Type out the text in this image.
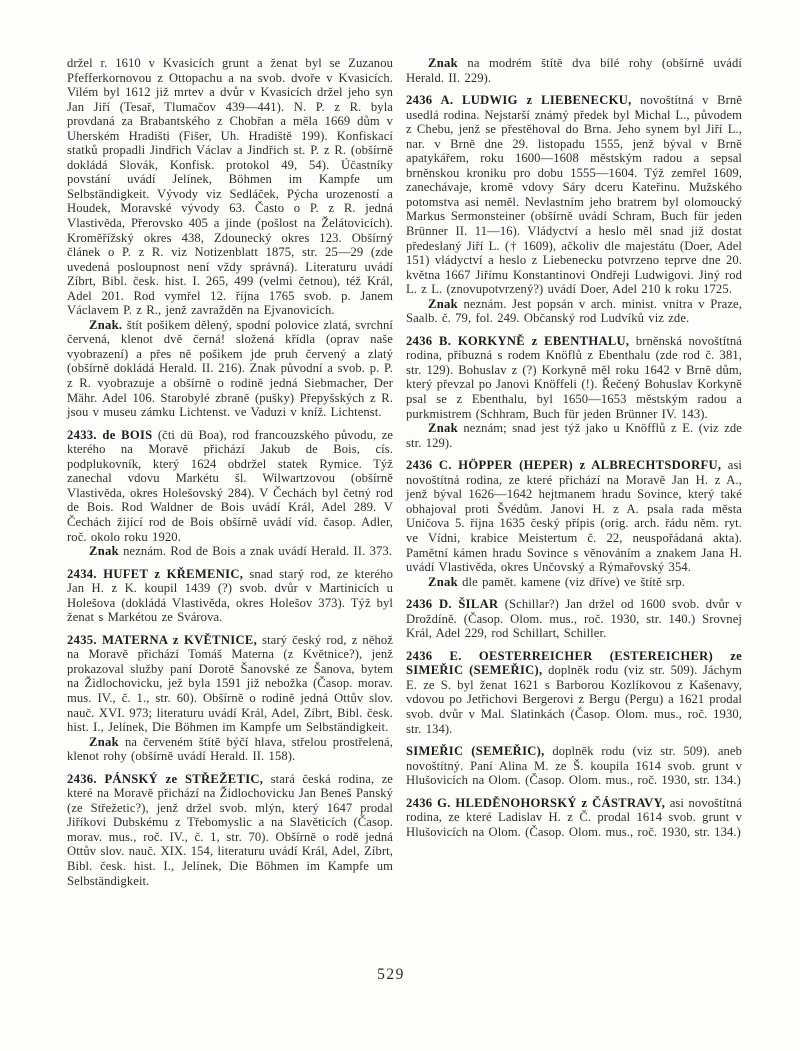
držel r. 1610 v Kvasicích grunt a ženat byl se Zuzanou Pfefferkornovou z Ottopachu a na svob. dvoře v Kvasicích. Vilém byl 1612 již mrtev a dvůr v Kvasicích držel jeho syn Jan Jiří (Tesař, Tlumačov 439—441). N. P. z R. byla provdaná za Brabantského z Chobřan a měla 1669 dům v Uherském Hradišti (Fišer, Uh. Hradiště 199). Konfiskací statků propadli Jindřich Václav a Jindřich st. P. z R. (obšírně dokládá Slovák, Konfisk. protokol 49, 54). Účastníky povstání uvádí Jelínek, Böhmen im Kampfe um Selbständigkeit. Vývody viz Sedláček, Pýcha urozeností a Houdek, Moravské vývody 63. Často o P. z R. jedná Vlastivěda, Přerovsko 405 a jinde (pošlost na Želátovicích). Kroměřížský okres 438, Zdounecký okres 123. Obšírný článek o P. z R. viz Notizenblatt 1875, str. 25—29 (zde uvedená posloupnost není vždy správná). Literaturu uvádí Zíbrt, Bibl. česk. hist. I. 265, 499 (velmi četnou), též Král, Adel 201. Rod vymřel 12. října 1765 svob. p. Janem Václavem P. z R., jenž zavražděn na Ejvanovicích.

Znak. štít pošikem dělený, spodní polovice zlatá, svrchní červená, klenot dvě černá! složená křídla (oprav naše vyobrazení) a přes ně pošikem jde pruh červený a zlatý (obšírně dokládá Herald. II. 216). Znak původní a svob. p. P. z R. vyobrazuje a obšírně o rodině jedná Siebmacher, Der Mähr. Adel 106. Starobylé zbraně (pušky) Přepyšských z R. jsou v museu zámku Lichtenst. ve Vaduzi v kníž. Lichtenst.

2433. de BOIS (čti dü Boa), rod francouzského původu, ze kterého na Moravě přichází Jakub de Bois, cís. podplukovník, který 1624 obdržel statek Rymice. Týž zanechal vdovu Markétu šl. Wilwartzovou (obšírně Vlastivěda, okres Holešovský 284). V Čechách byl četný rod de Bois. Rod Waldner de Bois uvádí Král, Adel 289. V Čechách žijící rod de Bois obšírně uvádí víd. časop. Adler, roč. okolo roku 1920.

Znak neznám. Rod de Bois a znak uvádí Herald. II. 373.

2434. HUFET z KŘEMENIC, snad starý rod, ze kterého Jan H. z K. koupil 1439 (?) svob. dvůr v Martinicích u Holešova (dokládá Vlastivěda, okres Holešov 373). Týž byl ženat s Markétou ze Svárova.

2435. MATERNA z KVĚTNICE, starý český rod, z něhož na Moravě přichází Tomáš Materna (z Květnice?), jenž prokazoval služby paní Dorotě Šanovské ze Šanova, bytem na Židlochovicku, jež byla 1591 již nebožka (Časop. morav. mus. IV., č. 1., str. 60). Obšírně o rodině jedná Ottův slov. nauč. XVI. 973; literaturu uvádí Král, Adel, Zíbrt, Bibl. česk. hist. I., Jelínek, Die Böhmen im Kampfe um Selbständigkeit.

Znak na červeném štítě býčí hlava, střelou prostřelená, klenot rohy (obšírně uvádí Herald. II. 158).

2436. PÁNSKÝ ze STŘEŽETIC, stará česká rodina, ze které na Moravě přichází na Židlochovicku Jan Beneš Panský (ze Střežetic?), jenž držel svob. mlýn, který 1647 prodal Jiříkovi Dubskému z Třebomyslic a na Slavěticích (Časop. morav. mus., roč. IV., č. 1, str. 70). Obšírně o rodě jedná Ottův slov. nauč. XIX. 154, literaturu uvádí Král, Adel, Zíbrt, Bibl. česk. hist. I., Jelínek, Die Böhmen im Kampfe um Selbständigkeit.

Znak na modrém štítě dva bílé rohy (obšírně uvádí Herald. II. 229).

2436 A. LUDWIG z LIEBENECKU, novoštítná v Brně usedlá rodina. Nejstarší známý předek byl Michal L., původem z Chebu, jenž se přestěhoval do Brna. Jeho synem byl Jiří L., nar. v Brně dne 29. listopadu 1555, jenž býval v Brně apatykářem, roku 1600—1608 městským radou a sepsal brněnskou kroniku pro dobu 1555—1604. Týž zemřel 1609, zanechávaje, kromě vdovy Sáry dceru Kateřinu. Mužského potomstva asi neměl. Nevlastním jeho bratrem byl olomoucký Markus Sermonsteiner (obšírně uvádí Schram, Buch für jeden Brünner II. 11—16). Vládyctví a heslo měl snad již dostat předeslaný Jiří L. († 1609), ačkoliv dle majestátu (Doer, Adel 151) vládyctví a heslo z Liebenecku potvrzeno teprve dne 20. května 1667 Jiřímu Konstantinovi Ondřeji Ludwigovi. Jiný rod L. z L. (znovupotvrzený?) uvádí Doer, Adel 210 k roku 1725.

Znak neznám. Jest popsán v arch. minist. vnitra v Praze, Saalb. č. 79, fol. 249. Občanský rod Ludvíků viz zde.

2436 B. KORKYNĚ z EBENTHALU, brněnská novoštítná rodina, příbuzná s rodem Knöflů z Ebenthalu (zde rod č. 381, str. 129). Bohuslav z (?) Korkyně měl roku 1642 v Brně dům, který převzal po Janovi Knöffeli (!). Řečený Bohuslav Korkyně psal se z Ebenthalu, byl 1650—1653 městským radou a purkmistrem (Schhram, Buch für jeden Brünner IV. 143).

Znak neznám; snad jest týž jako u Knöfflů z E. (viz zde str. 129).

2436 C. HÖPPER (HEPER) z ALBRECHTSDORFU, asi novoštítná rodina, ze které přichází na Moravě Jan H. z A., jenž býval 1626—1642 hejtmanem hradu Sovince, který také obhajoval proti Švédům. Janovi H. z A. psala rada města Uničova 5. října 1635 český přípis (orig. arch. řádu něm. ryt. ve Vídni, krabice Meistertum č. 22, neuspořádaná akta). Pamětní kámen hradu Sovince s věnováním a znakem Jana H. uvádí Vlastivěda, okres Unčovský a Rýmařovský 354.

Znak dle pamět. kamene (viz dříve) ve štítě srp.

2436 D. ŠILAR (Schillar?) Jan držel od 1600 svob. dvůr v Droždíně. (Časop. Olom. mus., roč. 1930, str. 140.) Srovnej Král, Adel 229, rod Schillart, Schiller.

2436 E. OESTERREICHER (ESTEREICHER) ze SIMEŘIC (SEMEŘIC), doplněk rodu (viz str. 509). Jáchym E. ze S. byl ženat 1621 s Barborou Kozlíkovou z Kašenavy, vdovou po Jetřichovi Bergerovi z Bergu (Pergu) a 1621 prodal svob. dvůr v Mal. Slatinkách (Časop. Olom. mus., roč. 1930, str. 134).

SIMEŘIC (SEMEŘIC), doplněk rodu (viz str. 509). aneb novoštítný. Paní Alina M. ze Š. koupila 1614 svob. grunt v Hlušovicích na Olom. (Časop. Olom. mus., roč. 1930, str. 134.)

2436 G. HLEDĚNOHORSKÝ z ČÁSTRAVY, asi novoštítná rodina, ze které Ladislav H. z Č. prodal 1614 svob. grunt v Hlušovicích na Olom. (Časop. Olom. mus., roč. 1930, str. 134.)

529
